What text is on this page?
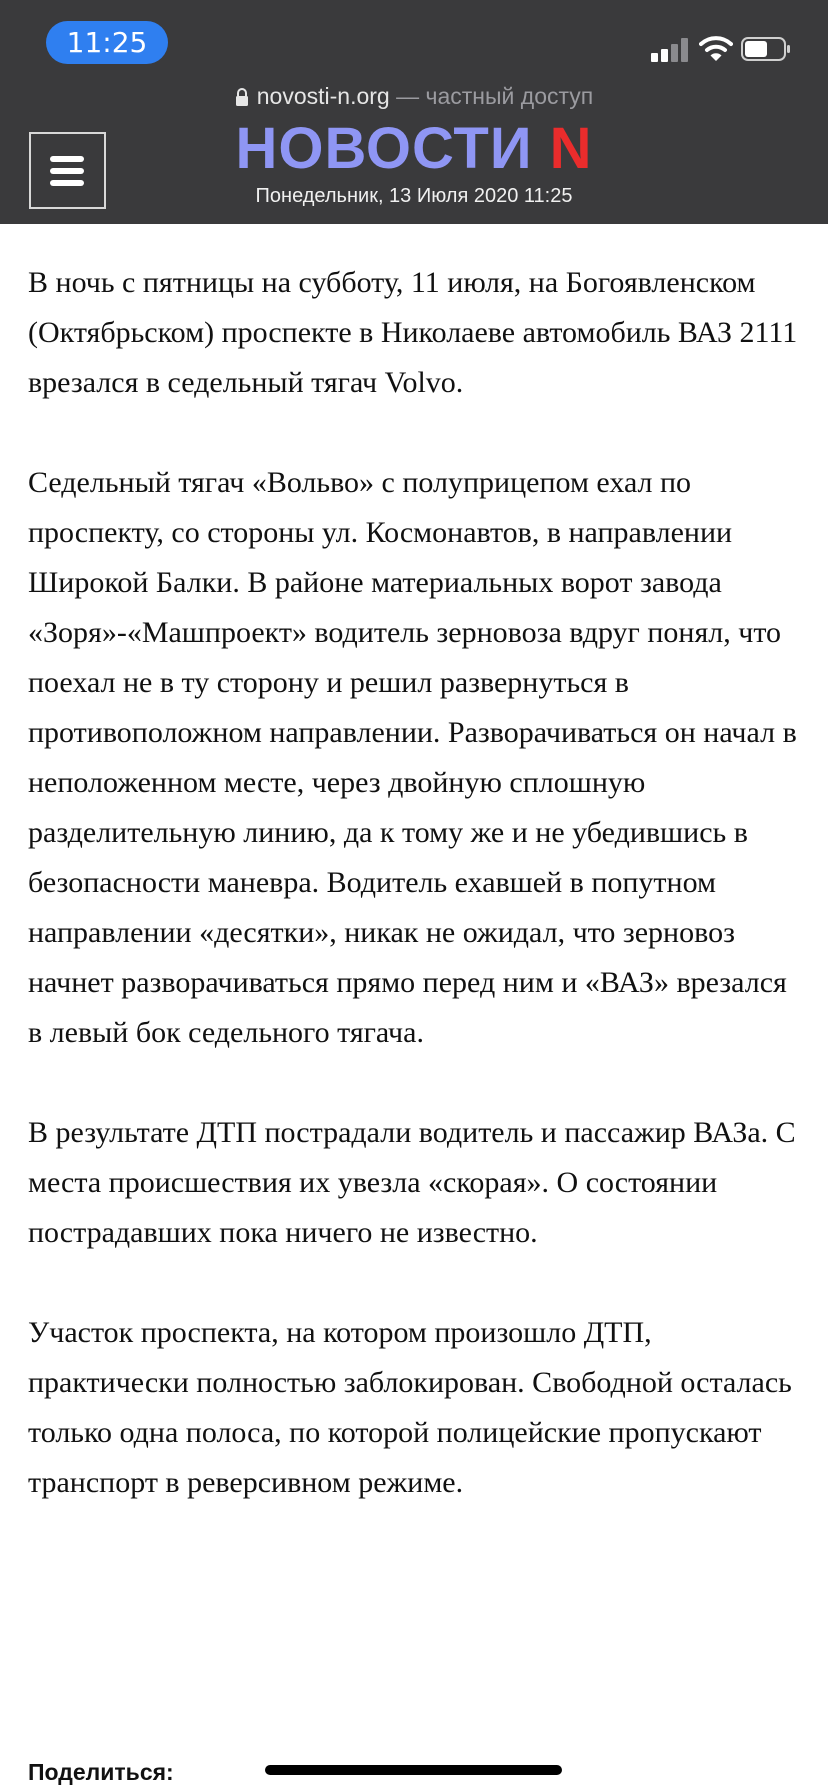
11:25
novosti-n.org — частный доступ
НОВОСТИ N
Понедельник, 13 Июля 2020 11:25

В ночь с пятницы на субботу, 11 июля, на Богоявленском (Октябрьском) проспекте в Николаеве автомобиль ВАЗ 2111 врезался в седельный тягач Volvo.

Седельный тягач «Вольво» с полуприцепом ехал по проспекту, со стороны ул. Космонавтов, в направлении Широкой Балки. В районе материальных ворот завода «Зоря»-«Машпроект» водитель зерновоза вдруг понял, что поехал не в ту сторону и решил развернуться в противоположном направлении. Разворачиваться он начал в неположенном месте, через двойную сплошную разделительную линию, да к тому же и не убедившись в безопасности маневра. Водитель ехавшей в попутном направлении «десятки», никак не ожидал, что зерновоз начнет разворачиваться прямо перед ним и «ВАЗ» врезался в левый бок седельного тягача.

В результате ДТП пострадали водитель и пассажир ВАЗа. С места происшествия их увезла «скорая». О состоянии пострадавших пока ничего не известно.

Участок проспекта, на котором произошло ДТП, практически полностью заблокирован. Свободной осталась только одна полоса, по которой полицейские пропускают транспорт в реверсивном режиме.

Поделиться:
